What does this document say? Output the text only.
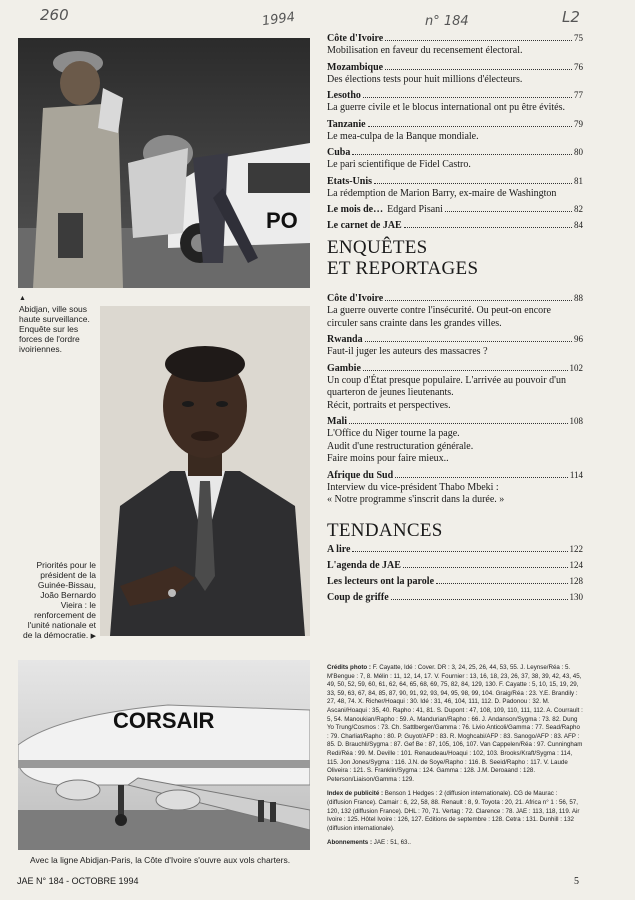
260	1994	n° 184	L2
PO
▲
Abidjan, ville sous haute surveillance. Enquête sur les forces de l'ordre ivoiriennes.
Priorités pour le président de la Guinée-Bissau, João Bernardo Vieira : le renforcement de l'unité nationale et de la démocratie. ▶
CORSAIR
Avec la ligne Abidjan-Paris, la Côte d'Ivoire s'ouvre aux vols charters.
Côte d'Ivoire	75
Mobilisation en faveur du recensement électoral.
Mozambique	76
Des élections tests pour huit millions d'électeurs.
Lesotho	77
La guerre civile et le blocus international ont pu être évités.
Tanzanie	79
Le mea-culpa de la Banque mondiale.
Cuba	80
Le pari scientifique de Fidel Castro.
Etats-Unis	81
La rédemption de Marion Barry, ex-maire de Washington
Le mois de… Edgard Pisani	82
Le carnet de JAE	84
ENQUÊTES
ET REPORTAGES
Côte d'Ivoire	88
La guerre ouverte contre l'insécurité. Ou peut-on encore circuler sans crainte dans les grandes villes.
Rwanda	96
Faut-il juger les auteurs des massacres ?
Gambie	102
Un coup d'État presque populaire. L'arrivée au pouvoir d'un quarteron de jeunes lieutenants.
Récit, portraits et perspectives.
Mali	108
L'Office du Niger tourne la page.
Audit d'une restructuration générale.
Faire moins pour faire mieux..
Afrique du Sud	114
Interview du vice-président Thabo Mbeki :
« Notre programme s'inscrit dans la durée. »
TENDANCES
A lire	122
L'agenda de JAE	124
Les lecteurs ont la parole	128
Coup de griffe	130

Crédits photo : F. Cayatte, Idé : Cover. DR : 3, 24, 25, 26, 44, 53, 55. J. Leynse/Réa : 5. M'Bengue : 7, 8. Mélin : 11, 12, 14, 17. V. Fournier : 13, 16, 18, 23, 26, 37, 38, 39, 42, 43, 45, 49, 50, 52, 59, 60, 61, 62, 64, 65, 68, 69, 75, 82, 84, 129, 130. F. Cayatte : 5, 10, 15, 19, 29, 33, 59, 63, 67, 84, 85, 87, 90, 91, 92, 93, 94, 95, 98, 99, 104. Graig/Réa : 23. Y.E. Brandily : 27, 48, 74. X. Richer/Hoaqui : 30. Idé : 31, 46, 104, 111, 112. D. Padonou : 32. M. Ascani/Hoaqui : 35, 40. Rapho : 41, 81. S. Dupont : 47, 108, 109, 110, 111, 112. A. Courrault : 5, 54. Manoukian/Rapho : 59. A. Mandurian/Rapho : 66. J. Andanson/Sygma : 73. 82. Dung Yo Trung/Cosmos : 73. Ch. Sattlberger/Gamma : 76. Livio Anticoli/Gamma : 77. Sead/Rapho : 79. Charliat/Rapho : 80. P. Guyot/AFP : 83. R. Moghcabi/AFP : 83. Sanogo/AFP : 83. AFP : 85. D. Brauchli/Sygma : 87. Gef Be : 87, 105, 106, 107. Van Cappelen/Réa : 97. Cunningham Redi/Réa : 99. M. Deville : 101. Renaudeau/Hoaqui : 102, 103. Brooks/Kraft/Sygma : 114, 115. Jon Jones/Sygma : 116. J.N. de Soye/Rapho : 116. B. Seeid/Rapho : 117. V. Laude Oliveira : 121. S. Franklin/Sygma : 124. Gamma : 128. J.M. Deroaand : 128. Peterson/Liaison/Gamma : 129.

Index de publicité : Benson 1 Hedges : 2 (diffusion internationale). CG de Maurac : (diffusion France). Camair : 6, 22, 58, 88. Renault : 8, 9. Toyota : 20, 21. Africa n° 1 : 56, 57, 120, 132 (diffusion France). DHL : 70, 71. Vertag : 72. Clarence : 78. JAE : 113, 118, 119. Air Ivoire : 125. Hôtel Ivoire : 126, 127. Editions de septembre : 128. Cetra : 131. Dunhill : 132 (diffusion internationale).

Abonnements : JAE : 51, 63..

JAE N° 184 - OCTOBRE 1994	5
